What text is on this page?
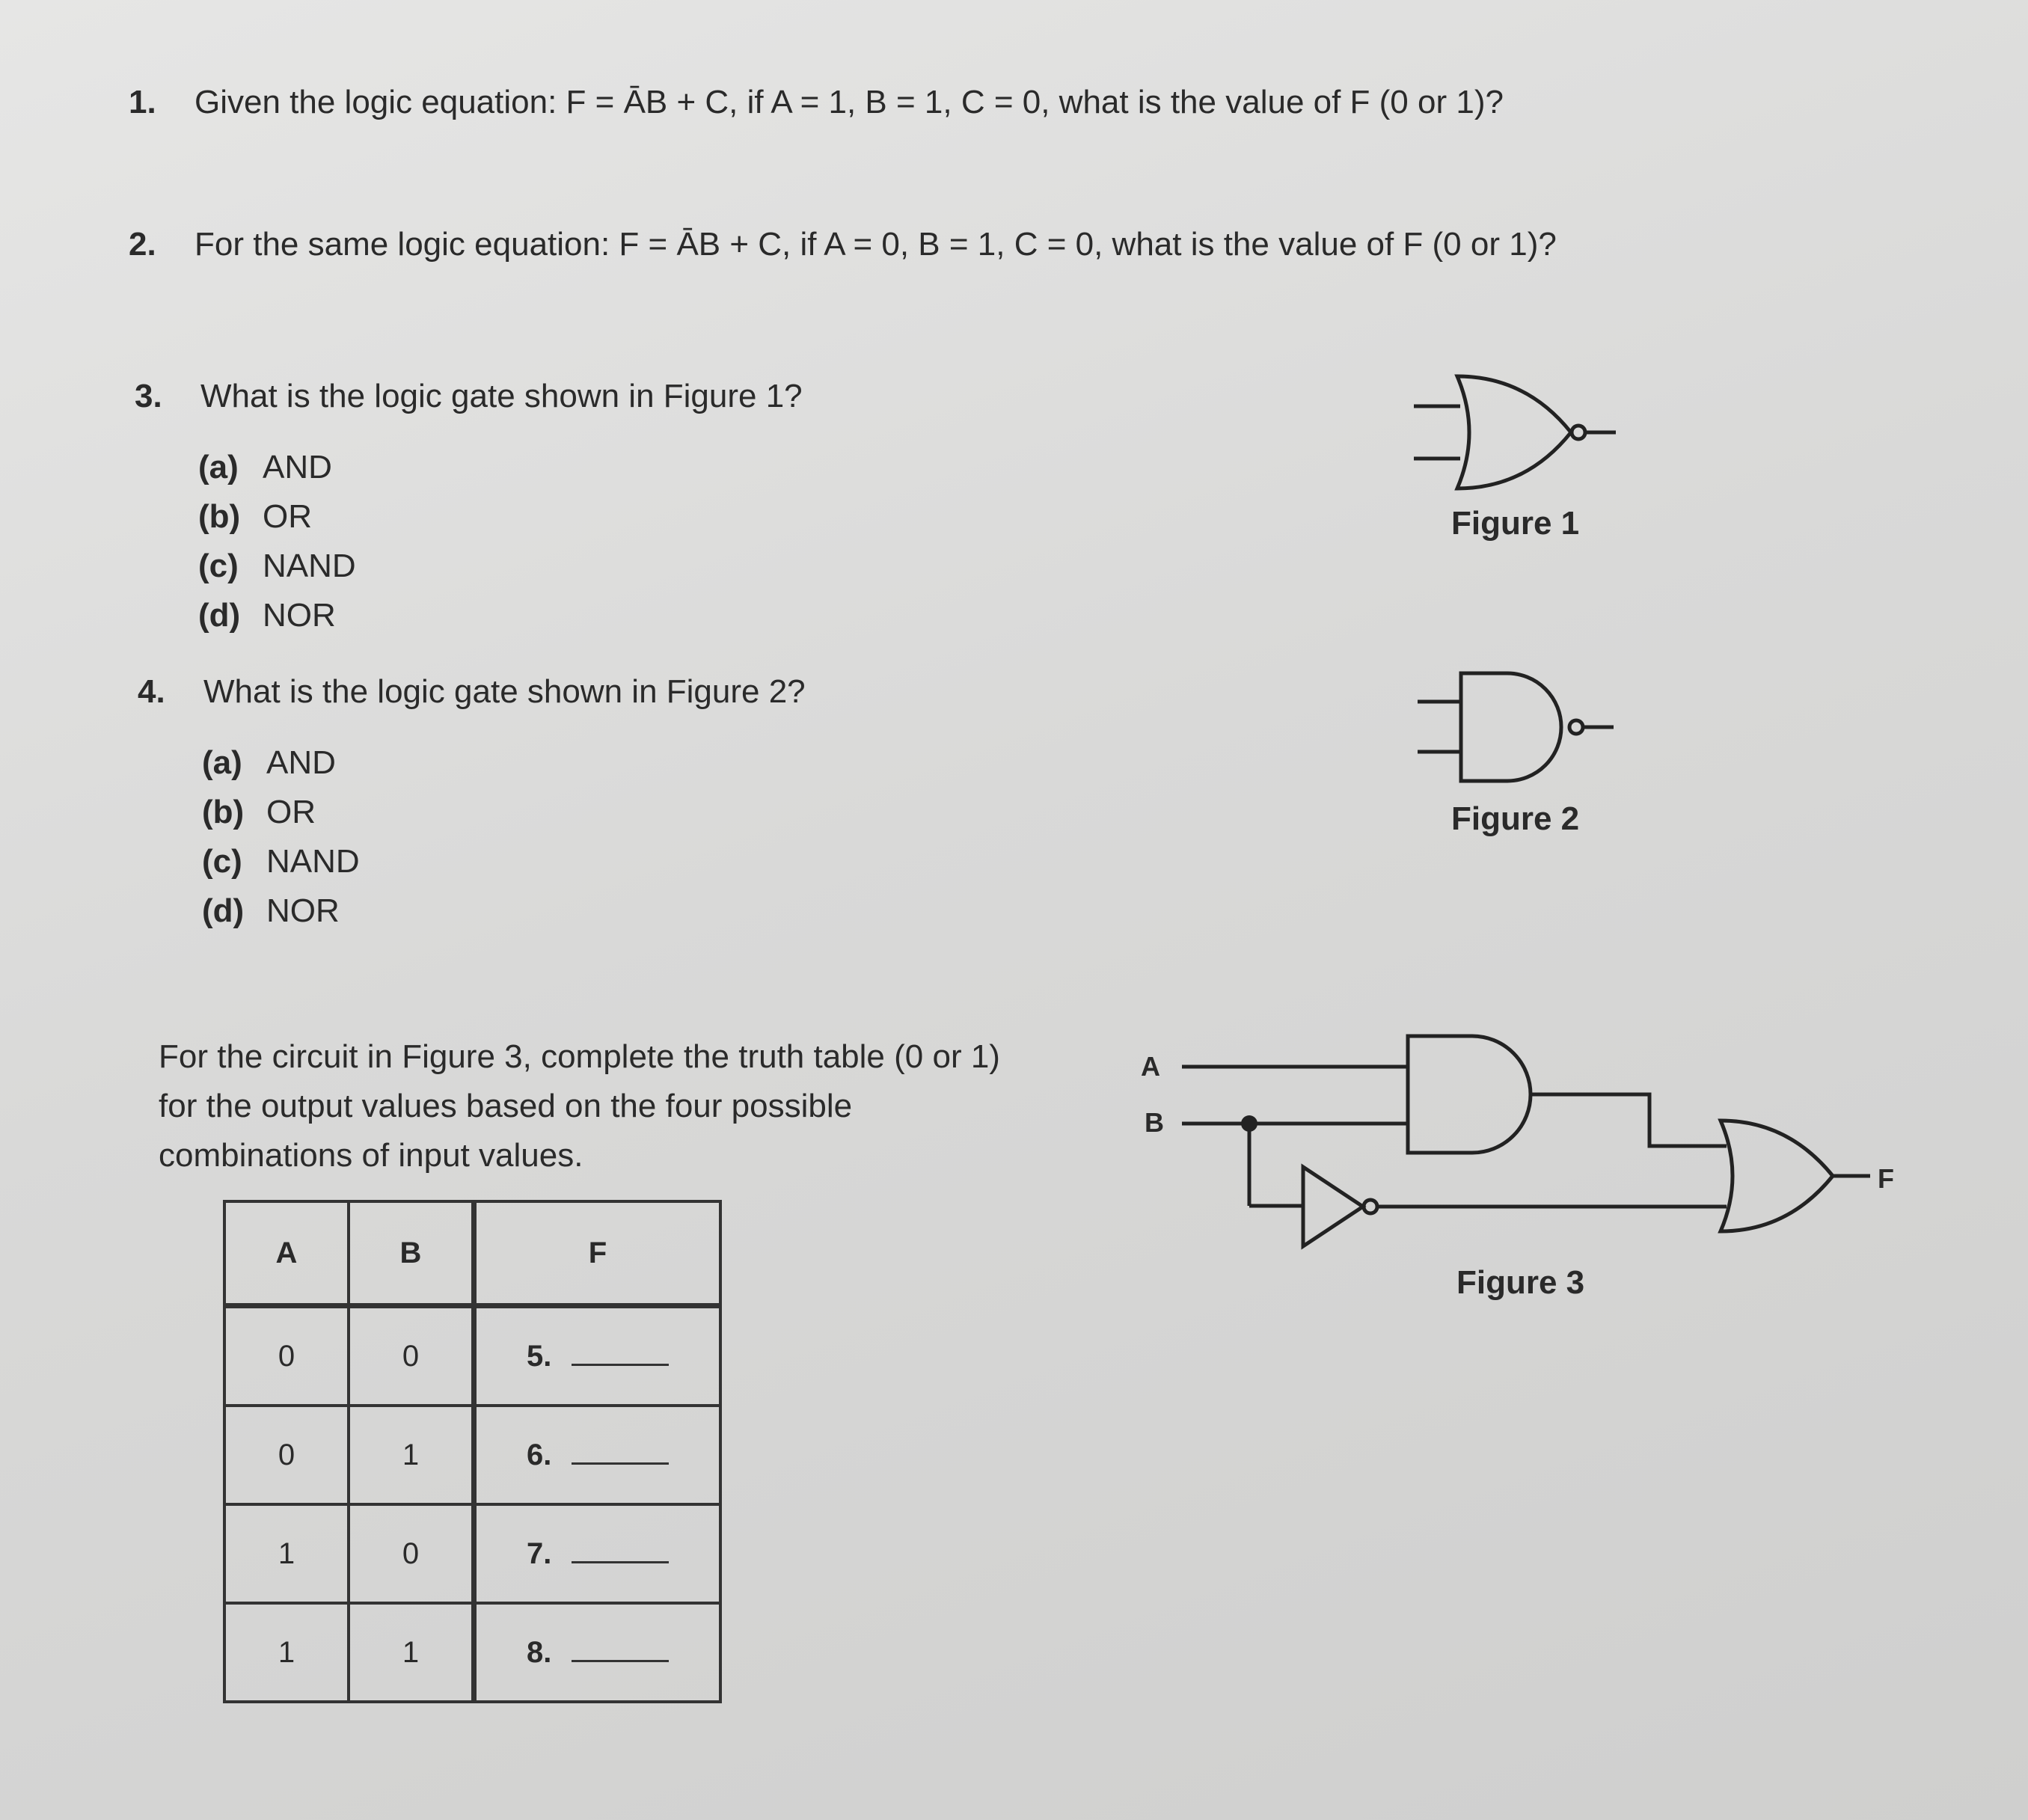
1. Given the logic equation: F = ĀB + C, if A = 1, B = 1, C = 0, what is the value of F (0 or 1)?
2. For the same logic equation: F = ĀB + C, if A = 0, B = 1, C = 0, what is the value of F (0 or 1)?
3. What is the logic gate shown in Figure 1?
(a) AND
(b) OR
(c) NAND
(d) NOR
4. What is the logic gate shown in Figure 2?
(a) AND
(b) OR
(c) NAND
(d) NOR
Figure 1
Figure 2
For the circuit in Figure 3, complete the truth table (0 or 1)
for the output values based on the four possible
combinations of input values.
A
B
F
Figure 3
A	B	F
0	0	5.
0	1	6.
1	0	7.
1	1	8.
